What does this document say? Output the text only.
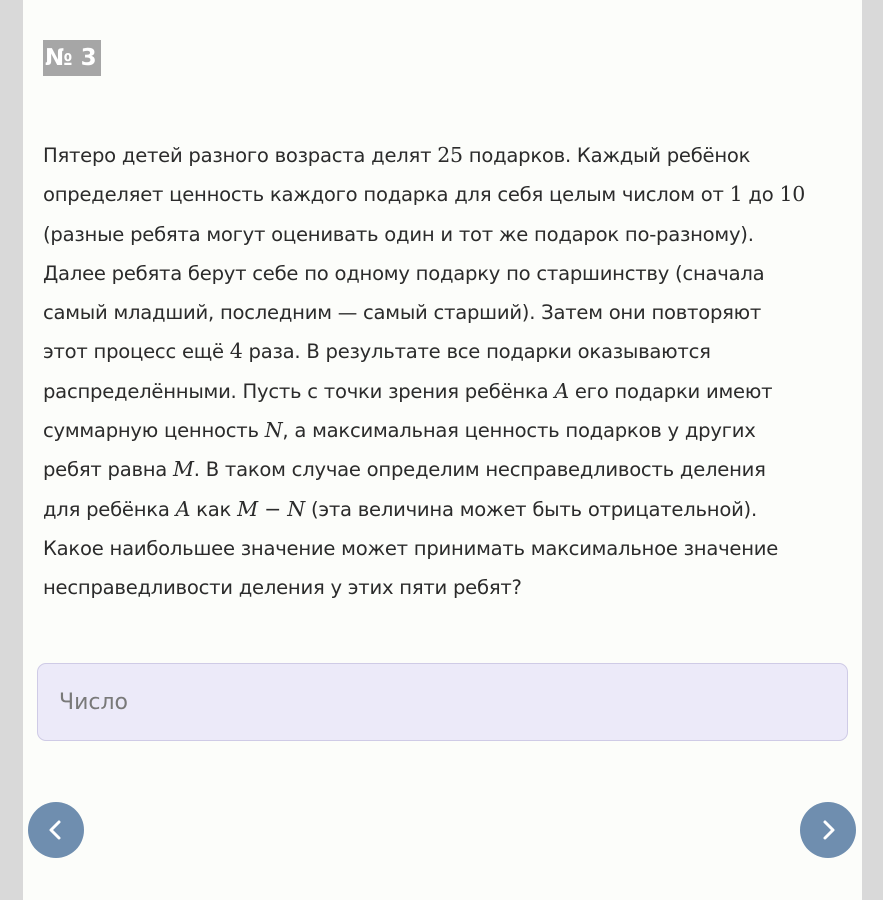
№ 3
Пятеро детей разного возраста делят 25 подарков. Каждый ребёнок
определяет ценность каждого подарка для себя целым числом от 1 до 10
(разные ребята могут оценивать один и тот же подарок по-разному).
Далее ребята берут себе по одному подарку по старшинству (сначала
самый младший, последним — самый старший). Затем они повторяют
этот процесс ещё 4 раза. В результате все подарки оказываются
распределёнными. Пусть с точки зрения ребёнка A его подарки имеют
суммарную ценность N, а максимальная ценность подарков у других
ребят равна M. В таком случае определим несправедливость деления
для ребёнка A как M − N (эта величина может быть отрицательной).
Какое наибольшее значение может принимать максимальное значение
несправедливости деления у этих пяти ребят?
Число
